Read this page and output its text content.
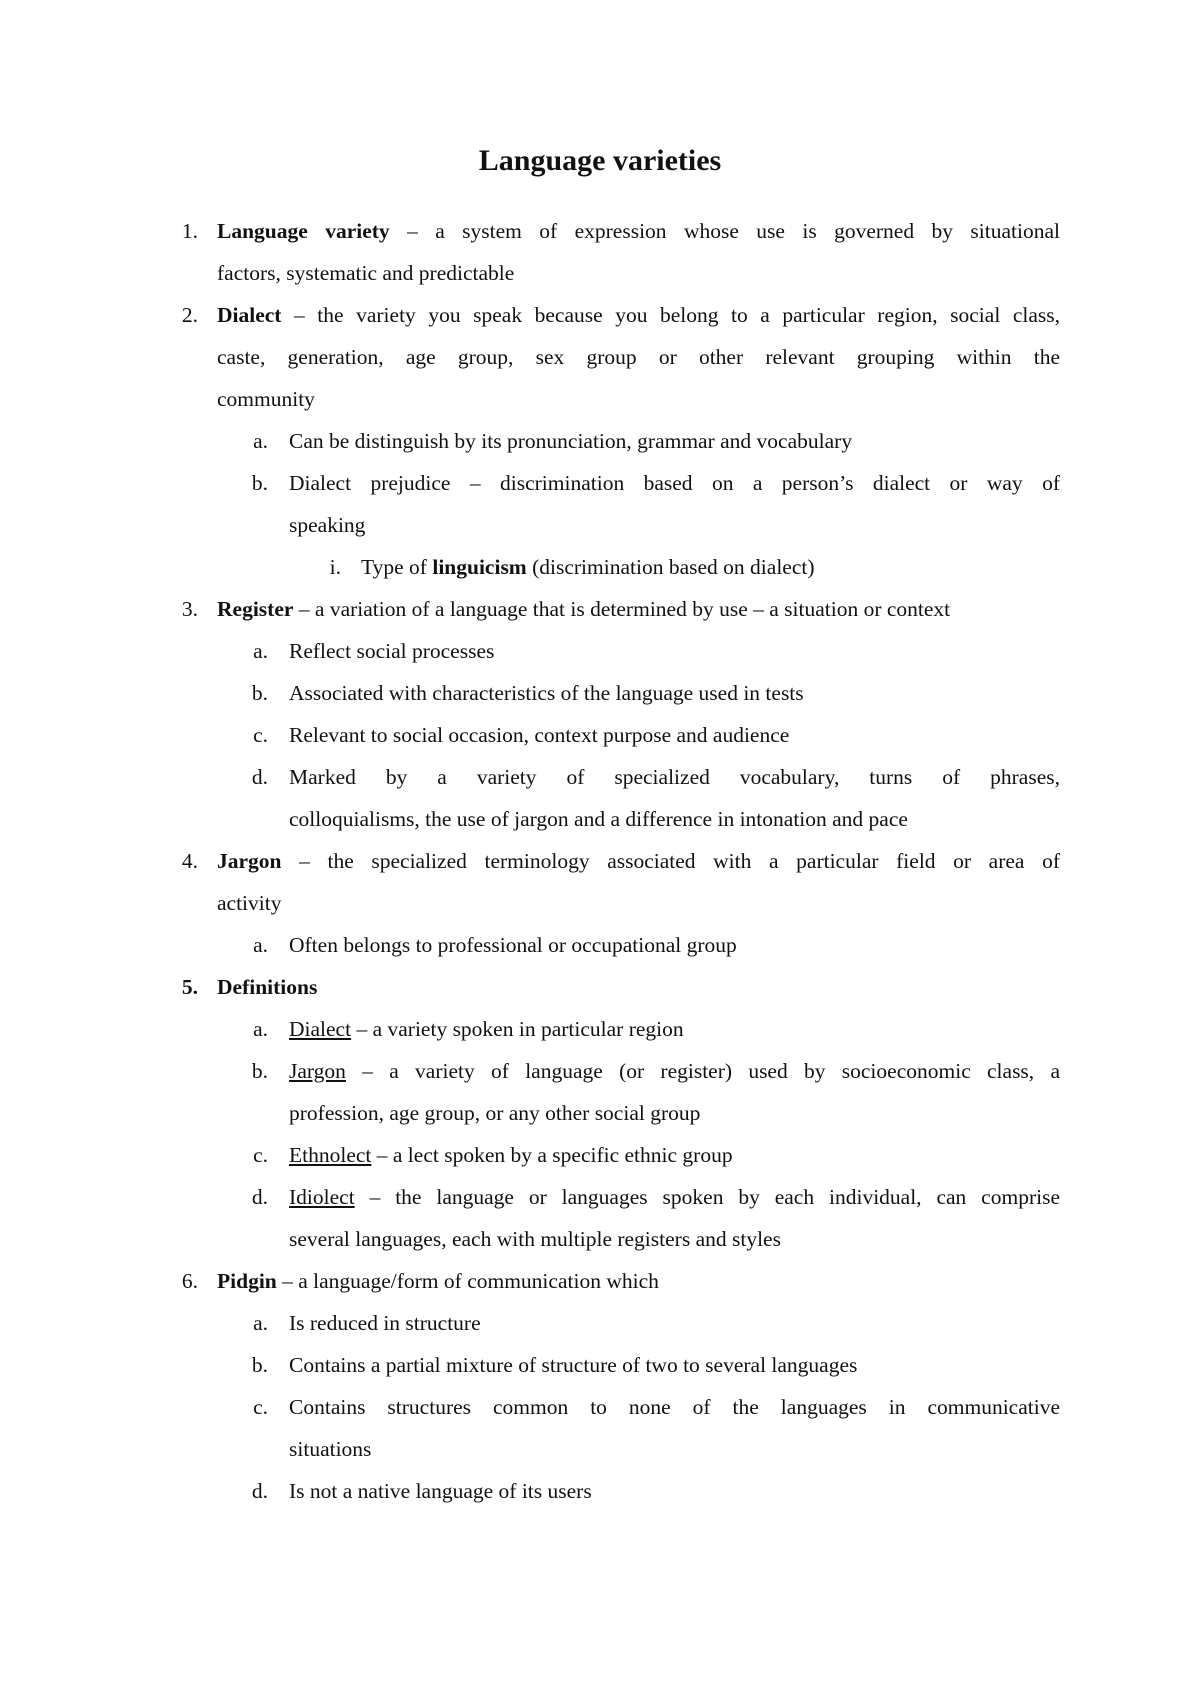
Language varieties
1. Language variety – a system of expression whose use is governed by situational
factors, systematic and predictable
2. Dialect – the variety you speak because you belong to a particular region, social class,
caste, generation, age group, sex group or other relevant grouping within the
community
a. Can be distinguish by its pronunciation, grammar and vocabulary
b. Dialect prejudice – discrimination based on a person’s dialect or way of
speaking
i. Type of linguicism (discrimination based on dialect)
3. Register – a variation of a language that is determined by use – a situation or context
a. Reflect social processes
b. Associated with characteristics of the language used in tests
c. Relevant to social occasion, context purpose and audience
d. Marked by a variety of specialized vocabulary, turns of phrases,
colloquialisms, the use of jargon and a difference in intonation and pace
4. Jargon – the specialized terminology associated with a particular field or area of
activity
a. Often belongs to professional or occupational group
5. Definitions
a. Dialect – a variety spoken in particular region
b. Jargon – a variety of language (or register) used by socioeconomic class, a
profession, age group, or any other social group
c. Ethnolect – a lect spoken by a specific ethnic group
d. Idiolect – the language or languages spoken by each individual, can comprise
several languages, each with multiple registers and styles
6. Pidgin – a language/form of communication which
a. Is reduced in structure
b. Contains a partial mixture of structure of two to several languages
c. Contains structures common to none of the languages in communicative
situations
d. Is not a native language of its users
